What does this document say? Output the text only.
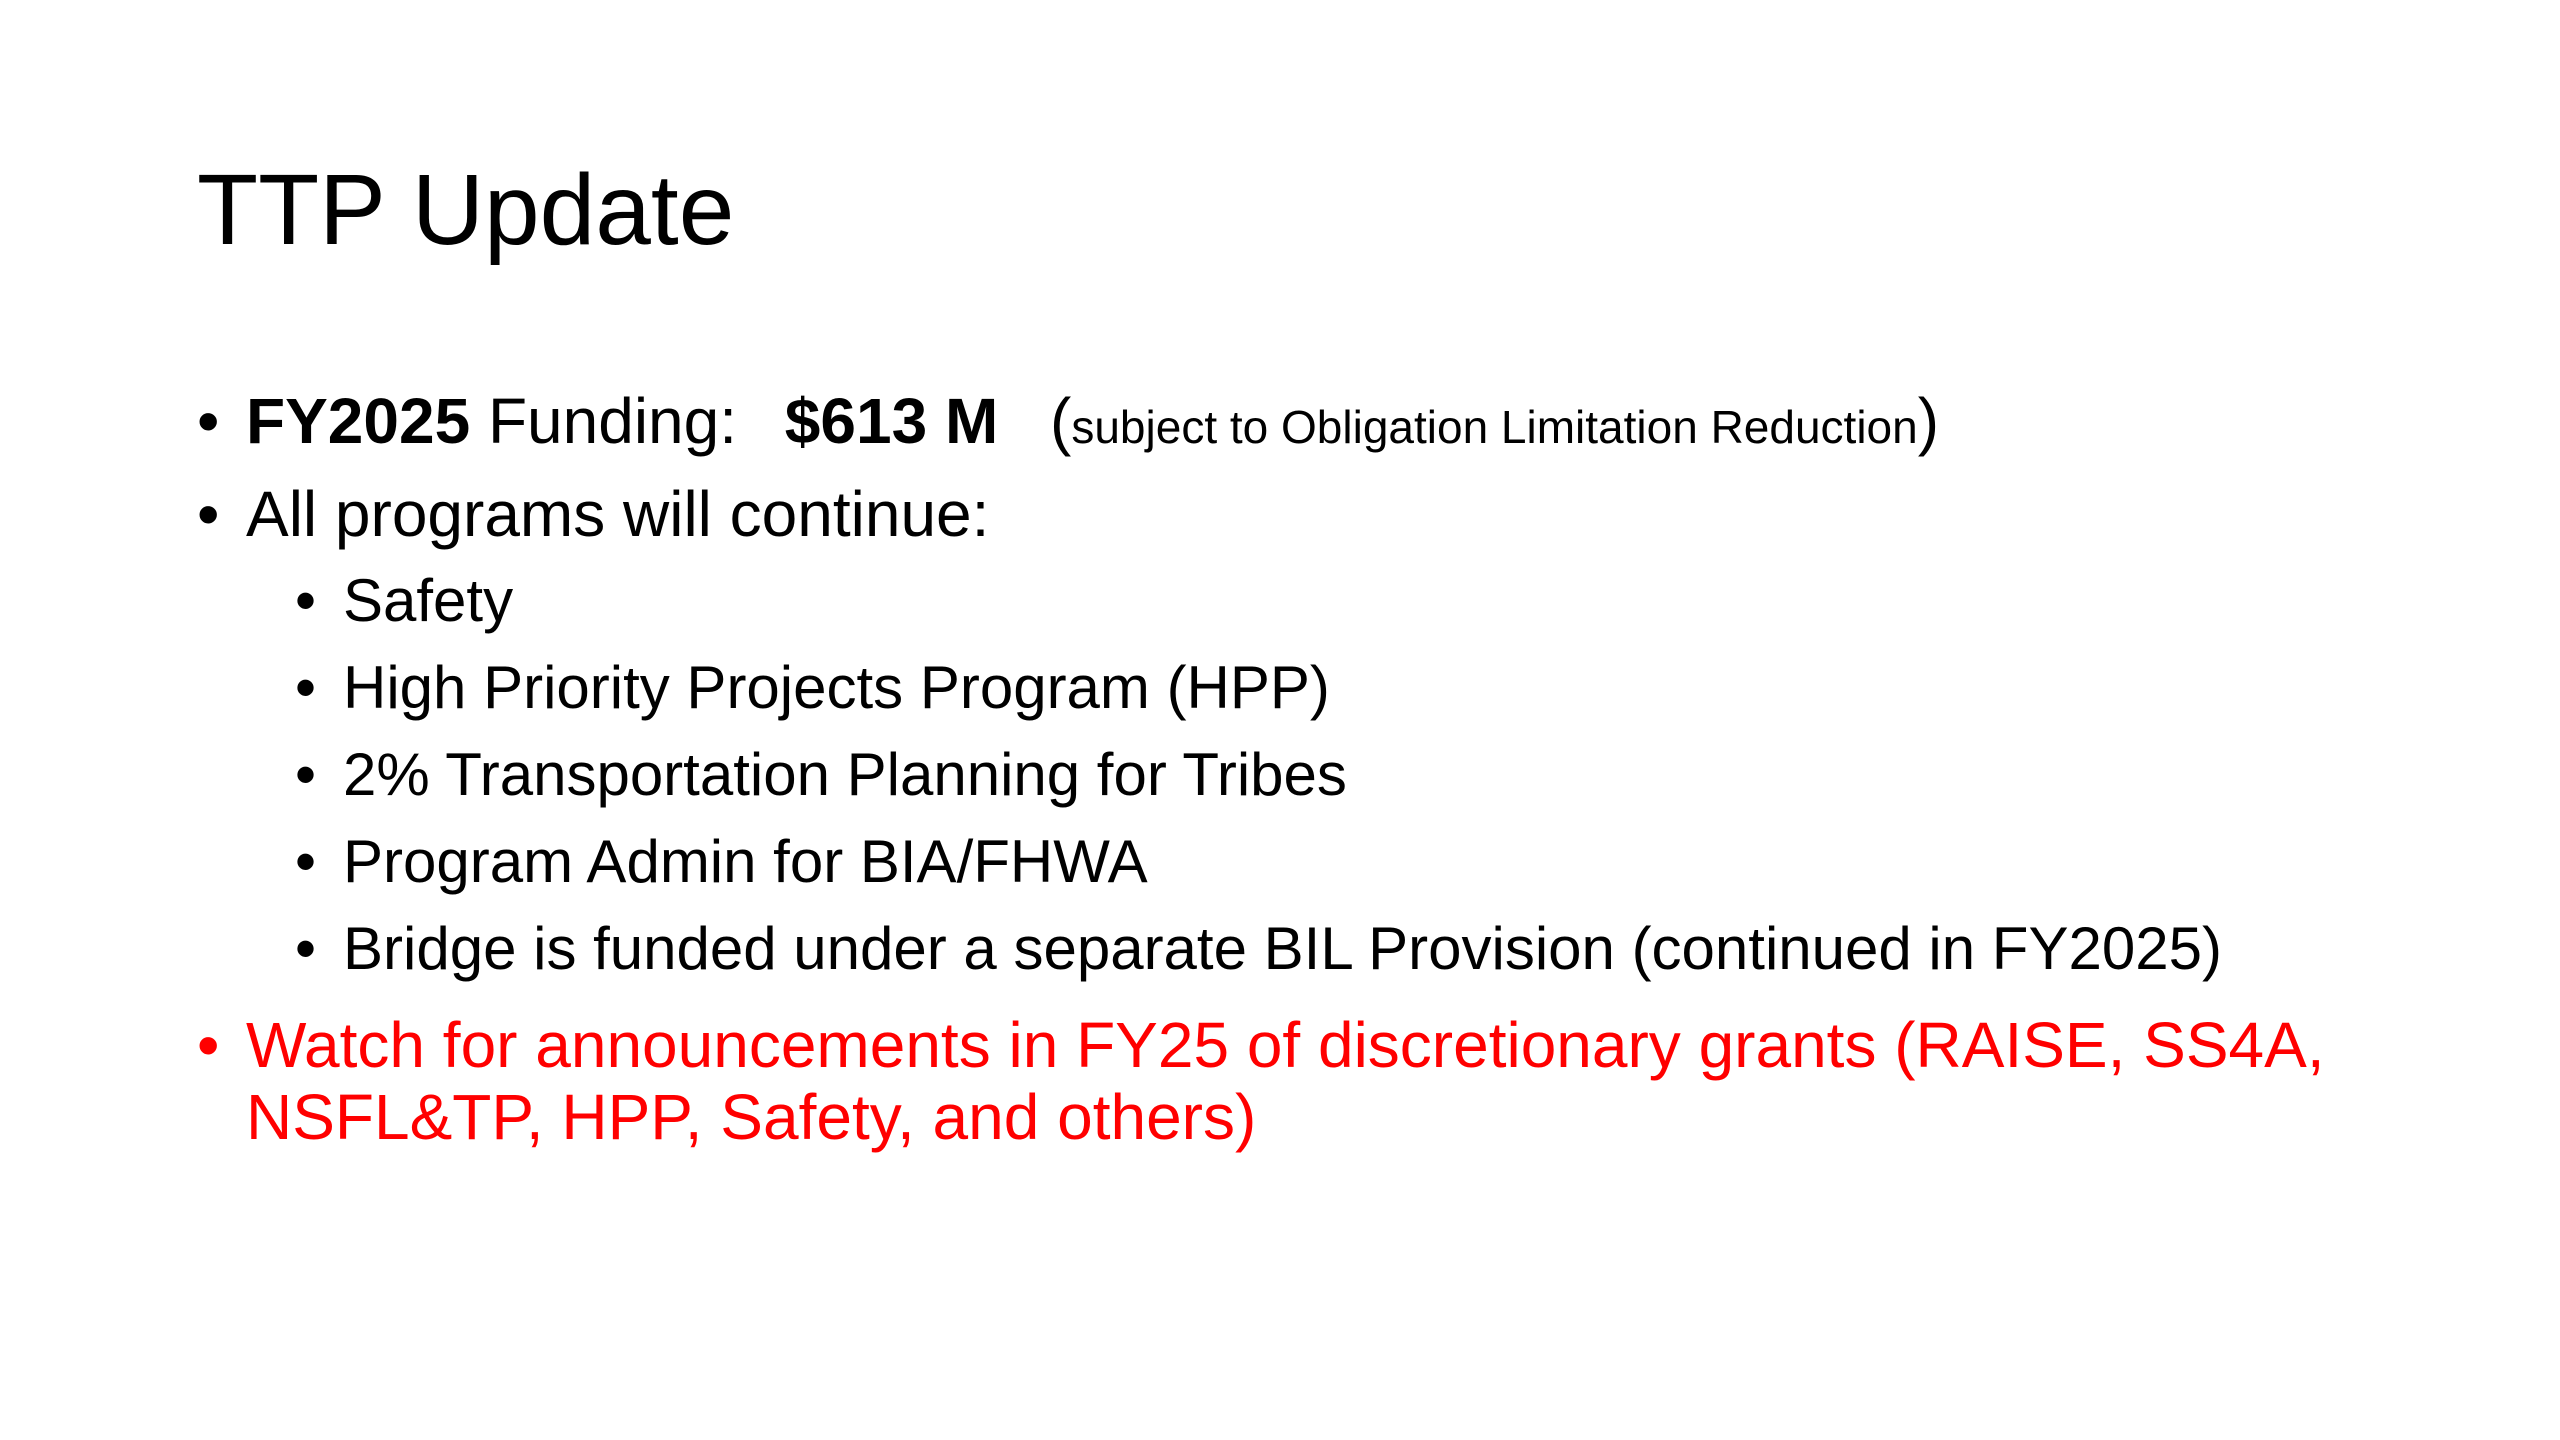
TTP Update
• FY2025 Funding: $613 M (subject to Obligation Limitation Reduction)
• All programs will continue:
• Safety
• High Priority Projects Program (HPP)
• 2% Transportation Planning for Tribes
• Program Admin for BIA/FHWA
• Bridge is funded under a separate BIL Provision (continued in FY2025)
• Watch for announcements in FY25 of discretionary grants (RAISE, SS4A, NSFL&TP, HPP, Safety, and others)
